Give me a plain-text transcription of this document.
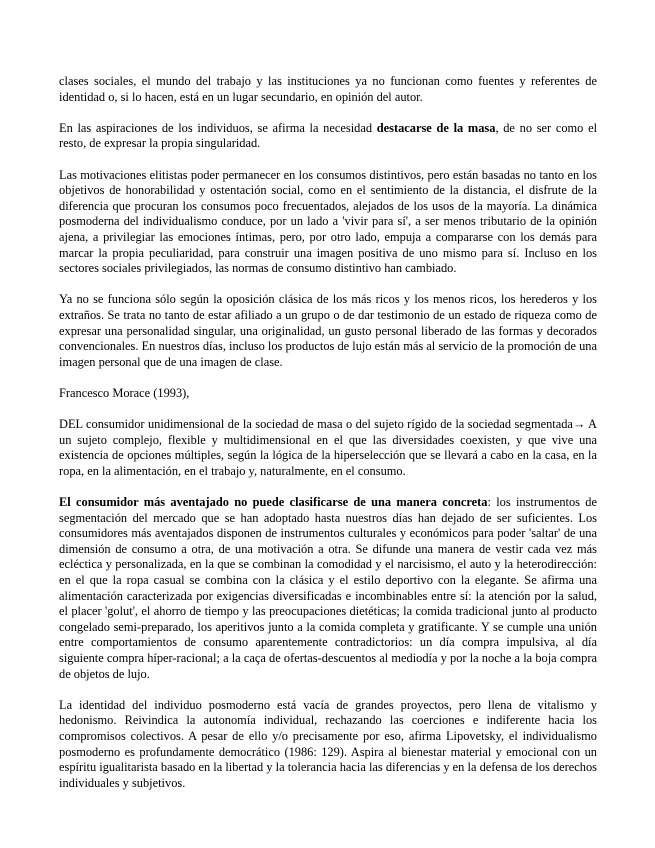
clases sociales, el mundo del trabajo y las instituciones ya no funcionan como fuentes y referentes de identidad o, si lo hacen, está en un lugar secundario, en opinión del autor.

En las aspiraciones de los individuos, se afirma la necesidad destacarse de la masa, de no ser como el resto, de expresar la propia singularidad.

Las motivaciones elitistas poder permanecer en los consumos distintivos, pero están basadas no tanto en los objetivos de honorabilidad y ostentación social, como en el sentimiento de la distancia, el disfrute de la diferencia que procuran los consumos poco frecuentados, alejados de los usos de la mayoría. La dinámica posmoderna del individualismo conduce, por un lado a 'vivir para sí', a ser menos tributario de la opinión ajena, a privilegiar las emociones íntimas, pero, por otro lado, empuja a compararse con los demás para marcar la propia peculiaridad, para construir una imagen positiva de uno mismo para sí. Incluso en los sectores sociales privilegiados, las normas de consumo distintivo han cambiado.

Ya no se funciona sólo según la oposición clásica de los más ricos y los menos ricos, los herederos y los extraños. Se trata no tanto de estar afiliado a un grupo o de dar testimonio de un estado de riqueza como de expresar una personalidad singular, una originalidad, un gusto personal liberado de las formas y decorados convencionales. En nuestros días, incluso los productos de lujo están más al servicio de la promoción de una imagen personal que de una imagen de clase.

Francesco Morace (1993),

DEL consumidor unidimensional de la sociedad de masa o del sujeto rígido de la sociedad segmentada→ A un sujeto complejo, flexible y multidimensional en el que las diversidades coexisten, y que vive una existencia de opciones múltiples, según la lógica de la hiperselección que se llevará a cabo en la casa, en la ropa, en la alimentación, en el trabajo y, naturalmente, en el consumo.

El consumidor más aventajado no puede clasificarse de una manera concreta: los instrumentos de segmentación del mercado que se han adoptado hasta nuestros días han dejado de ser suficientes. Los consumidores más aventajados disponen de instrumentos culturales y económicos para poder 'saltar' de una dimensión de consumo a otra, de una motivación a otra. Se difunde una manera de vestir cada vez más ecléctica y personalizada, en la que se combinan la comodidad y el narcisismo, el auto y la heterodirección: en el que la ropa casual se combina con la clásica y el estilo deportivo con la elegante. Se afirma una alimentación caracterizada por exigencias diversificadas e incombinables entre sí: la atención por la salud, el placer 'golut', el ahorro de tiempo y las preocupaciones dietéticas; la comida tradicional junto al producto congelado semi-preparado, los aperitivos junto a la comida completa y gratificante. Y se cumple una unión entre comportamientos de consumo aparentemente contradictorios: un día compra impulsiva, al día siguiente compra híper-racional; a la caça de ofertas-descuentos al mediodía y por la noche a la boja compra de objetos de lujo.

La identidad del individuo posmoderno está vacía de grandes proyectos, pero llena de vitalismo y hedonismo. Reivindica la autonomía individual, rechazando las coerciones e indiferente hacia los compromisos colectivos. A pesar de ello y/o precisamente por eso, afirma Lipovetsky, el individualismo posmoderno es profundamente democrático (1986: 129). Aspira al bienestar material y emocional con un espíritu igualitarista basado en la libertad y la tolerancia hacia las diferencias y en la defensa de los derechos individuales y subjetivos.
